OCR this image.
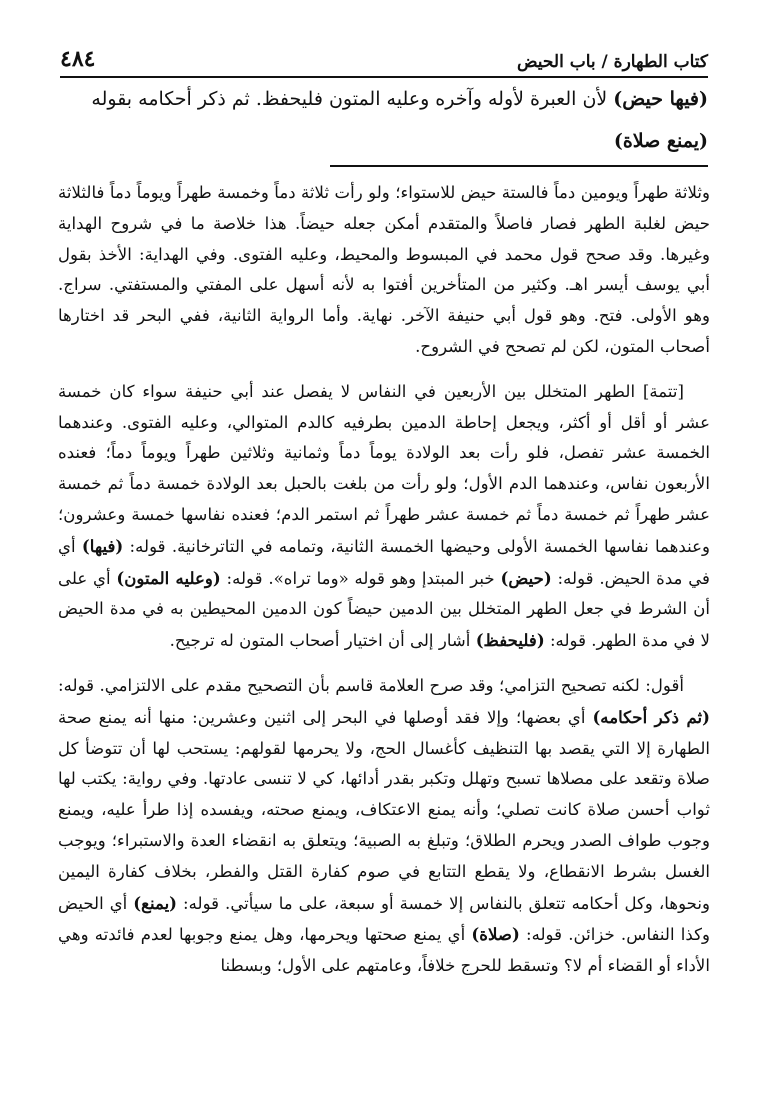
كتاب الطهارة / باب الحيض
٤٨٤
(فيها حيض) لأن العبرة لأوله وآخره وعليه المتون فليحفظ. ثم ذكر أحكامه بقوله
(يمنع صلاة)

وثلاثة طهراً ويومين دماً فالستة حيض للاستواء؛ ولو رأت ثلاثة دماً وخمسة طهراً ويوماً دماً فالثلاثة حيض لغلبة الطهر فصار فاصلاً والمتقدم أمكن جعله حيضاً. هذا خلاصة ما في شروح الهداية وغيرها. وقد صحح قول محمد في المبسوط والمحيط، وعليه الفتوى. وفي الهداية: الأخذ بقول أبي يوسف أيسر اهـ. وكثير من المتأخرين أفتوا به لأنه أسهل على المفتي والمستفتي. سراج. وهو الأولى. فتح. وهو قول أبي حنيفة الآخر. نهاية. وأما الرواية الثانية، ففي البحر قد اختارها أصحاب المتون، لكن لم تصحح في الشروح.

[تتمة] الطهر المتخلل بين الأربعين في النفاس لا يفصل عند أبي حنيفة سواء كان خمسة عشر أو أقل أو أكثر، ويجعل إحاطة الدمين بطرفيه كالدم المتوالي، وعليه الفتوى. وعندهما الخمسة عشر تفصل، فلو رأت بعد الولادة يوماً دماً وثمانية وثلاثين طهراً ويوماً دماً؛ فعنده الأربعون نفاس، وعندهما الدم الأول؛ ولو رأت من بلغت بالحبل بعد الولادة خمسة دماً ثم خمسة عشر طهراً ثم خمسة دماً ثم خمسة عشر طهراً ثم استمر الدم؛ فعنده نفاسها خمسة وعشرون؛ وعندهما نفاسها الخمسة الأولى وحيضها الخمسة الثانية، وتمامه في التاترخانية. قوله: (فيها) أي في مدة الحيض. قوله: (حيض) خبر المبتدإ وهو قوله «وما تراه». قوله: (وعليه المتون) أي على أن الشرط في جعل الطهر المتخلل بين الدمين حيضاً كون الدمين المحيطين به في مدة الحيض لا في مدة الطهر. قوله: (فليحفظ) أشار إلى أن اختيار أصحاب المتون له ترجيح.

أقول: لكنه تصحيح التزامي؛ وقد صرح العلامة قاسم بأن التصحيح مقدم على الالتزامي. قوله: (ثم ذكر أحكامه) أي بعضها؛ وإلا فقد أوصلها في البحر إلى اثنين وعشرين: منها أنه يمنع صحة الطهارة إلا التي يقصد بها التنظيف كأغسال الحج، ولا يحرمها لقولهم: يستحب لها أن تتوضأ كل صلاة وتقعد على مصلاها تسبح وتهلل وتكبر بقدر أدائها، كي لا تنسى عادتها. وفي رواية: يكتب لها ثواب أحسن صلاة كانت تصلي؛ وأنه يمنع الاعتكاف، ويمنع صحته، ويفسده إذا طرأ عليه، ويمنع وجوب طواف الصدر ويحرم الطلاق؛ وتبلغ به الصبية؛ ويتعلق به انقضاء العدة والاستبراء؛ ويوجب الغسل بشرط الانقطاع، ولا يقطع التتابع في صوم كفارة القتل والفطر، بخلاف كفارة اليمين ونحوها، وكل أحكامه تتعلق بالنفاس إلا خمسة أو سبعة، على ما سيأتي. قوله: (يمنع) أي الحيض وكذا النفاس. خزائن. قوله: (صلاة) أي يمنع صحتها ويحرمها، وهل يمنع وجوبها لعدم فائدته وهي الأداء أو القضاء أم لا؟ وتسقط للحرج خلافاً، وعامتهم على الأول؛ وبسطنا
